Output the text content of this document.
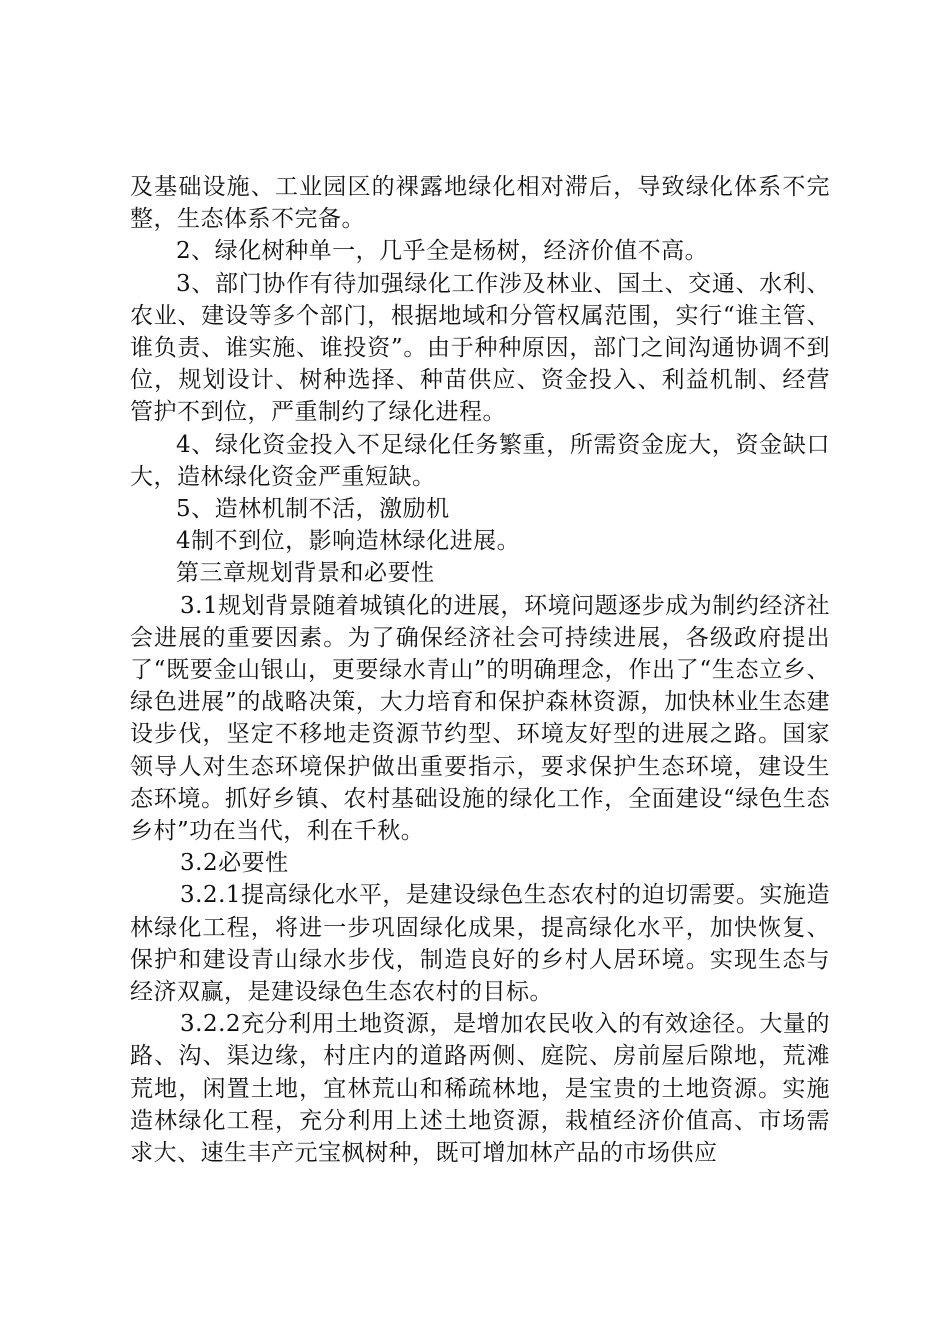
及基础设施、工业园区的裸露地绿化相对滞后，导致绿化体系不完整，生态体系不完备。

2、绿化树种单一，几乎全是杨树，经济价值不高。

3、部门协作有待加强绿化工作涉及林业、国土、交通、水利、农业、建设等多个部门，根据地域和分管权属范围，实行“谁主管、谁负责、谁实施、谁投资”。由于种种原因，部门之间沟通协调不到位，规划设计、树种选择、种苗供应、资金投入、利益机制、经营管护不到位，严重制约了绿化进程。

4、绿化资金投入不足绿化任务繁重，所需资金庞大，资金缺口大，造林绿化资金严重短缺。

5、造林机制不活，激励机

4制不到位，影响造林绿化进展。

第三章规划背景和必要性

3.1规划背景随着城镇化的进展，环境问题逐步成为制约经济社会进展的重要因素。为了确保经济社会可持续进展，各级政府提出了“既要金山银山，更要绿水青山”的明确理念，作出了“生态立乡、绿色进展”的战略决策，大力培育和保护森林资源，加快林业生态建设步伐，坚定不移地走资源节约型、环境友好型的进展之路。国家领导人对生态环境保护做出重要指示，要求保护生态环境，建设生态环境。抓好乡镇、农村基础设施的绿化工作，全面建设“绿色生态乡村”功在当代，利在千秋。

3.2必要性

3.2.1提高绿化水平，是建设绿色生态农村的迫切需要。实施造林绿化工程，将进一步巩固绿化成果，提高绿化水平，加快恢复、保护和建设青山绿水步伐，制造良好的乡村人居环境。实现生态与经济双赢，是建设绿色生态农村的目标。

3.2.2充分利用土地资源，是增加农民收入的有效途径。大量的路、沟、渠边缘，村庄内的道路两侧、庭院、房前屋后隙地，荒滩荒地，闲置土地，宜林荒山和稀疏林地，是宝贵的土地资源。实施造林绿化工程，充分利用上述土地资源，栽植经济价值高、市场需求大、速生丰产元宝枫树种，既可增加林产品的市场供应
